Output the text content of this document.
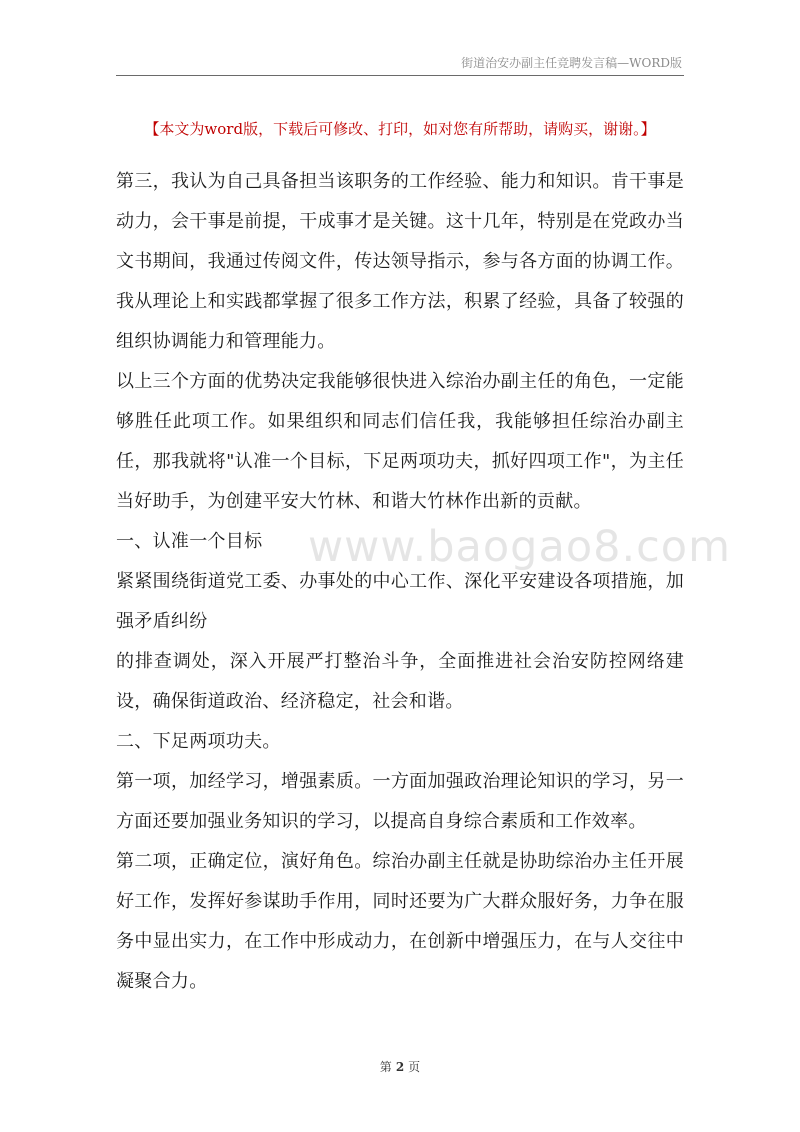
街道治安办副主任竞聘发言稿—WORD版
【本文为word版，下载后可修改、打印，如对您有所帮助，请购买，谢谢。】

第三，我认为自己具备担当该职务的工作经验、能力和知识。肯干事是动力，会干事是前提，干成事才是关键。这十几年，特别是在党政办当文书期间，我通过传阅文件，传达领导指示，参与各方面的协调工作。我从理论上和实践都掌握了很多工作方法，积累了经验，具备了较强的组织协调能力和管理能力。

以上三个方面的优势决定我能够很快进入综治办副主任的角色，一定能够胜任此项工作。如果组织和同志们信任我，我能够担任综治办副主任，那我就将"认准一个目标，下足两项功夫，抓好四项工作"，为主任当好助手，为创建平安大竹林、和谐大竹林作出新的贡献。

一、认准一个目标

紧紧围绕街道党工委、办事处的中心工作、深化平安建设各项措施，加强矛盾纠纷

的排查调处，深入开展严打整治斗争，全面推进社会治安防控网络建设，确保街道政治、经济稳定，社会和谐。

二、下足两项功夫。

第一项，加经学习，增强素质。一方面加强政治理论知识的学习，另一方面还要加强业务知识的学习，以提高自身综合素质和工作效率。

第二项，正确定位，演好角色。综治办副主任就是协助综治办主任开展好工作，发挥好参谋助手作用，同时还要为广大群众服好务，力争在服务中显出实力，在工作中形成动力，在创新中增强压力，在与人交往中凝聚合力。

www.baogao8.com
第 2 页
